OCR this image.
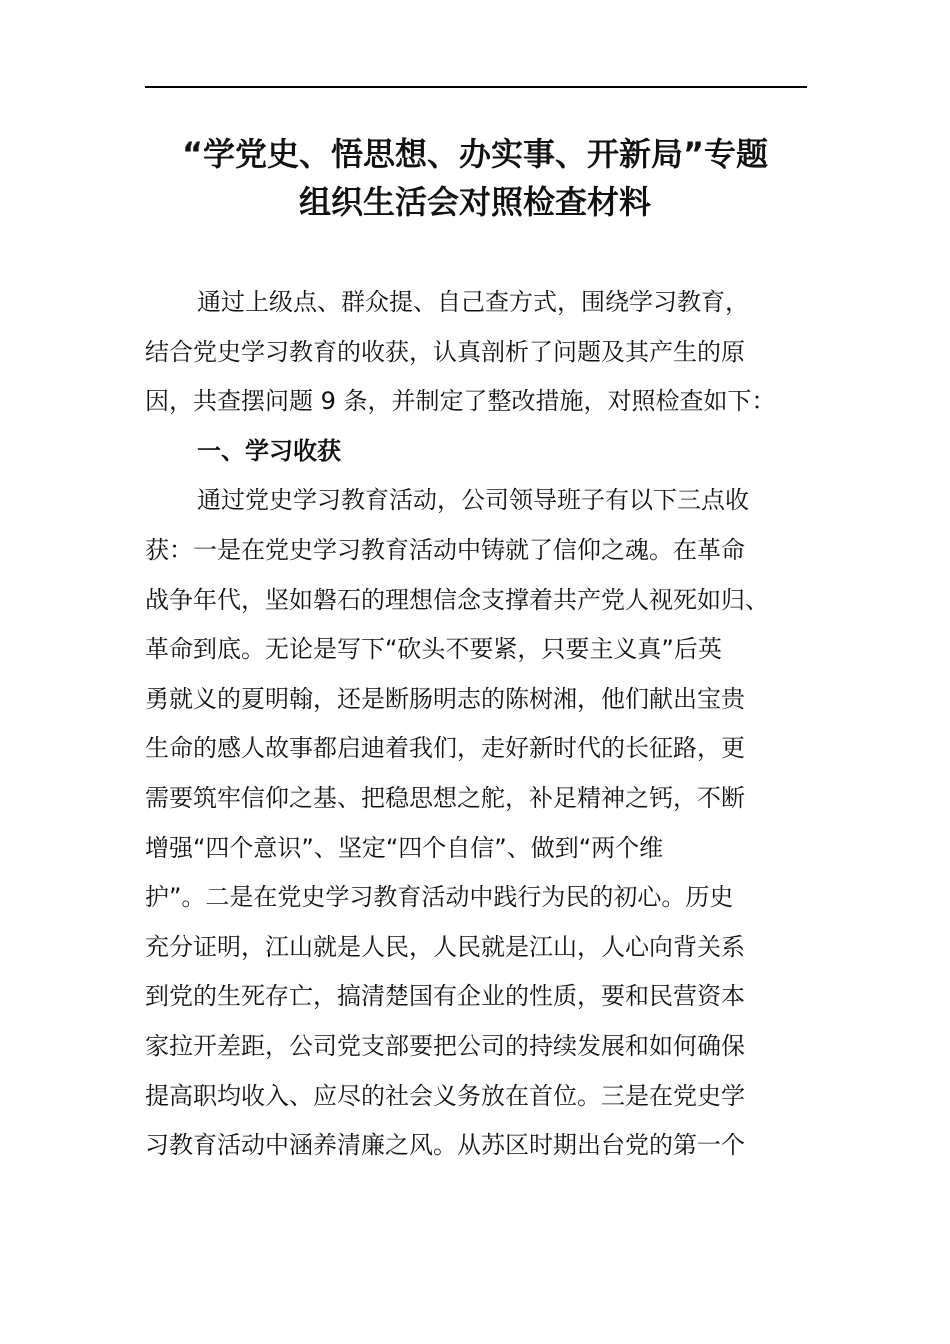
“学党史、悟思想、办实事、开新局”专题
组织生活会对照检查材料
通过上级点、群众提、自己查方式，围绕学习教育，
结合党史学习教育的收获，认真剖析了问题及其产生的原
因，共查摆问题 9 条，并制定了整改措施，对照检查如下：
一、学习收获
通过党史学习教育活动，公司领导班子有以下三点收
获：一是在党史学习教育活动中铸就了信仰之魂。在革命
战争年代，坚如磐石的理想信念支撑着共产党人视死如归、
革命到底。无论是写下“砍头不要紧，只要主义真”后英
勇就义的夏明翰，还是断肠明志的陈树湘，他们献出宝贵
生命的感人故事都启迪着我们，走好新时代的长征路，更
需要筑牢信仰之基、把稳思想之舵，补足精神之钙，不断
增强“四个意识”、坚定“四个自信”、做到“两个维
护”。二是在党史学习教育活动中践行为民的初心。历史
充分证明，江山就是人民，人民就是江山，人心向背关系
到党的生死存亡，搞清楚国有企业的性质，要和民营资本
家拉开差距，公司党支部要把公司的持续发展和如何确保
提高职均收入、应尽的社会义务放在首位。三是在党史学
习教育活动中涵养清廉之风。从苏区时期出台党的第一个
